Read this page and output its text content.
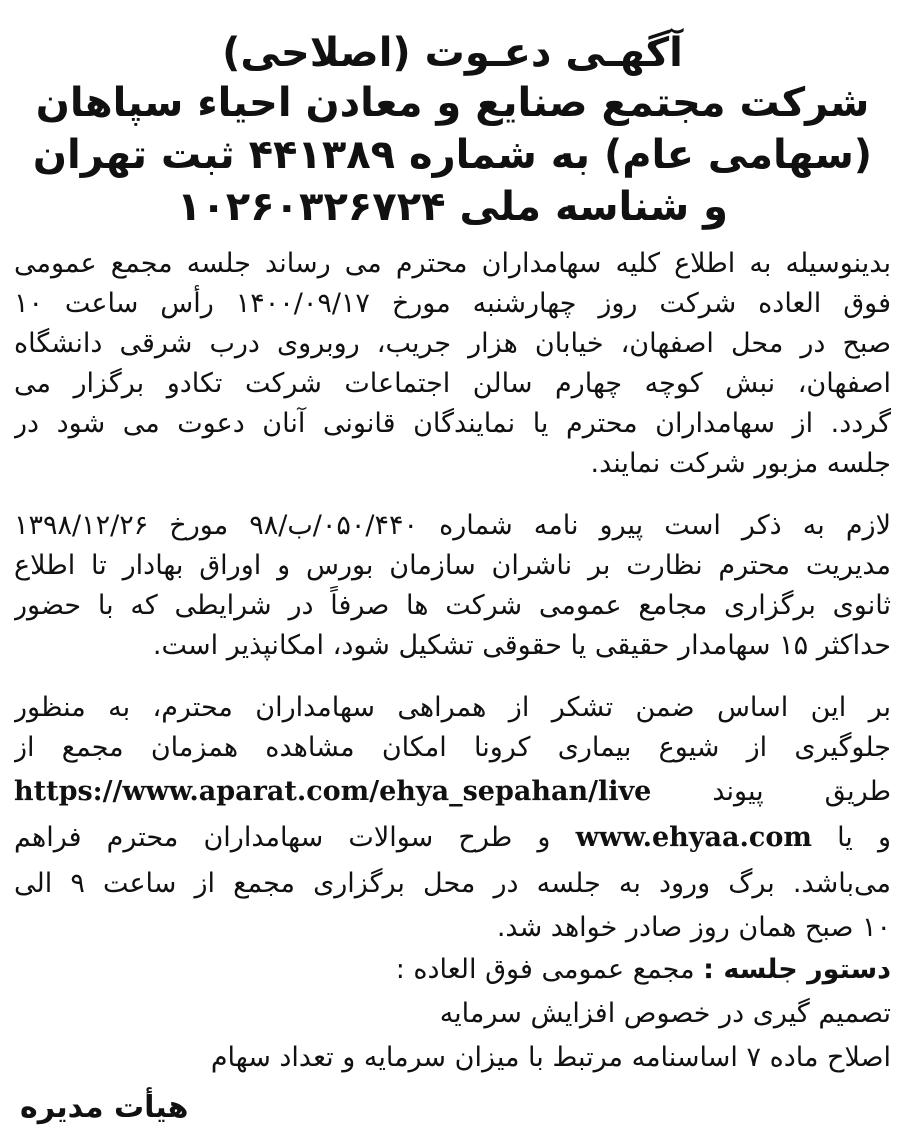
آگهـی دعـوت (اصلاحی)
شرکت مجتمع صنایع و معادن احیاء سپاهان
(سهامی عام) به شماره ۴۴۱۳۸۹ ثبت تهران
و شناسه ملی ۱۰۲۶۰۳۲۶۷۲۴
بدینوسیله به اطلاع کلیه سهامداران محترم می رساند جلسه مجمع عمومی
فوق العاده شرکت روز چهارشنبه مورخ ۱۴۰۰/۰۹/۱۷ رأس ساعت ۱۰
صبح در محل اصفهان، خیابان هزار جریب، روبروی درب شرقی دانشگاه
اصفهان، نبش کوچه چهارم سالن اجتماعات شرکت تکادو برگزار می
گردد. از سهامداران محترم یا نمایندگان قانونی آنان دعوت می شود در
جلسه مزبور شرکت نمایند.
لازم به ذکر است پیرو نامه شماره ۰۵۰/۴۴۰/ب/۹۸ مورخ ۱۳۹۸/۱۲/۲۶
مدیریت محترم نظارت بر ناشران سازمان بورس و اوراق بهادار تا اطلاع
ثانوی برگزاری مجامع عمومی شرکت ها صرفاً در شرایطی که با حضور
حداکثر ۱۵ سهامدار حقیقی یا حقوقی تشکیل شود، امکانپذیر است.
بر این اساس ضمن تشکر از همراهی سهامداران محترم، به منظور
جلوگیری از شیوع بیماری کرونا امکان مشاهده همزمان مجمع از
طریق پیوند https://www.aparat.com/ehya_sepahan/live
و یا www.ehyaa.com و طرح سوالات سهامداران محترم فراهم
می‌باشد. برگ ورود به جلسه در محل برگزاری مجمع از ساعت ۹ الی
۱۰ صبح همان روز صادر خواهد شد.
دستور جلسه : مجمع عمومی فوق العاده :
تصمیم گیری در خصوص افزایش سرمایه
اصلاح ماده ۷ اساسنامه مرتبط با میزان سرمایه و تعداد سهام
هیأت مدیره
